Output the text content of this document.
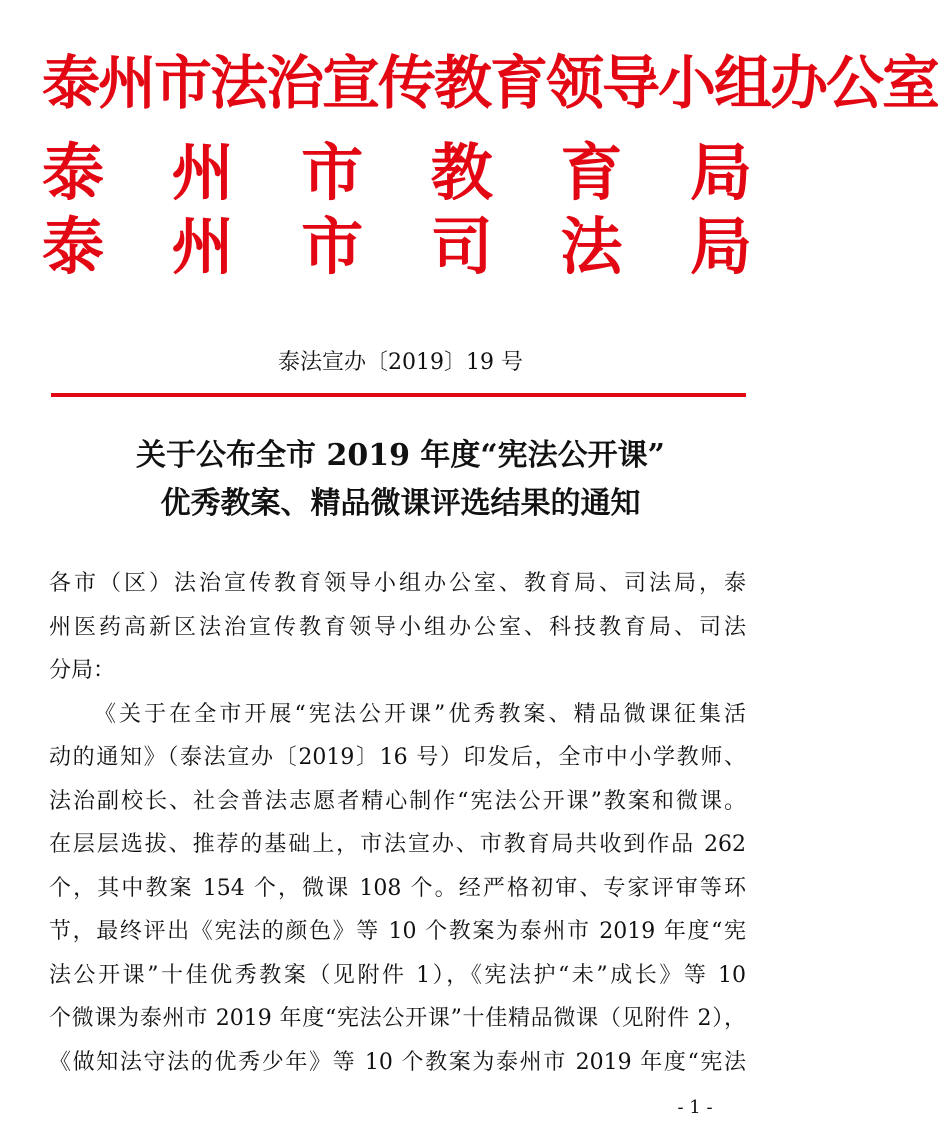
泰州市法治宣传教育领导小组办公室
泰 州 市 教 育 局
泰 州 市 司 法 局
泰法宣办〔2019〕19 号
关于公布全市 2019 年度“宪法公开课”
优秀教案、精品微课评选结果的通知
各市（区）法治宣传教育领导小组办公室、教育局、司法局，泰
州医药高新区法治宣传教育领导小组办公室、科技教育局、司法
分局：
《关于在全市开展“宪法公开课”优秀教案、精品微课征集活
动的通知》（泰法宣办〔2019〕16 号）印发后，全市中小学教师、
法治副校长、社会普法志愿者精心制作“宪法公开课”教案和微课。
在层层选拔、推荐的基础上，市法宣办、市教育局共收到作品 262
个，其中教案 154 个，微课 108 个。经严格初审、专家评审等环
节，最终评出《宪法的颜色》等 10 个教案为泰州市 2019 年度“宪
法公开课”十佳优秀教案（见附件 1），《宪法护“未”成长》等 10
个微课为泰州市 2019 年度“宪法公开课”十佳精品微课（见附件 2），
《做知法守法的优秀少年》等 10 个教案为泰州市 2019 年度“宪法
- 1 -
